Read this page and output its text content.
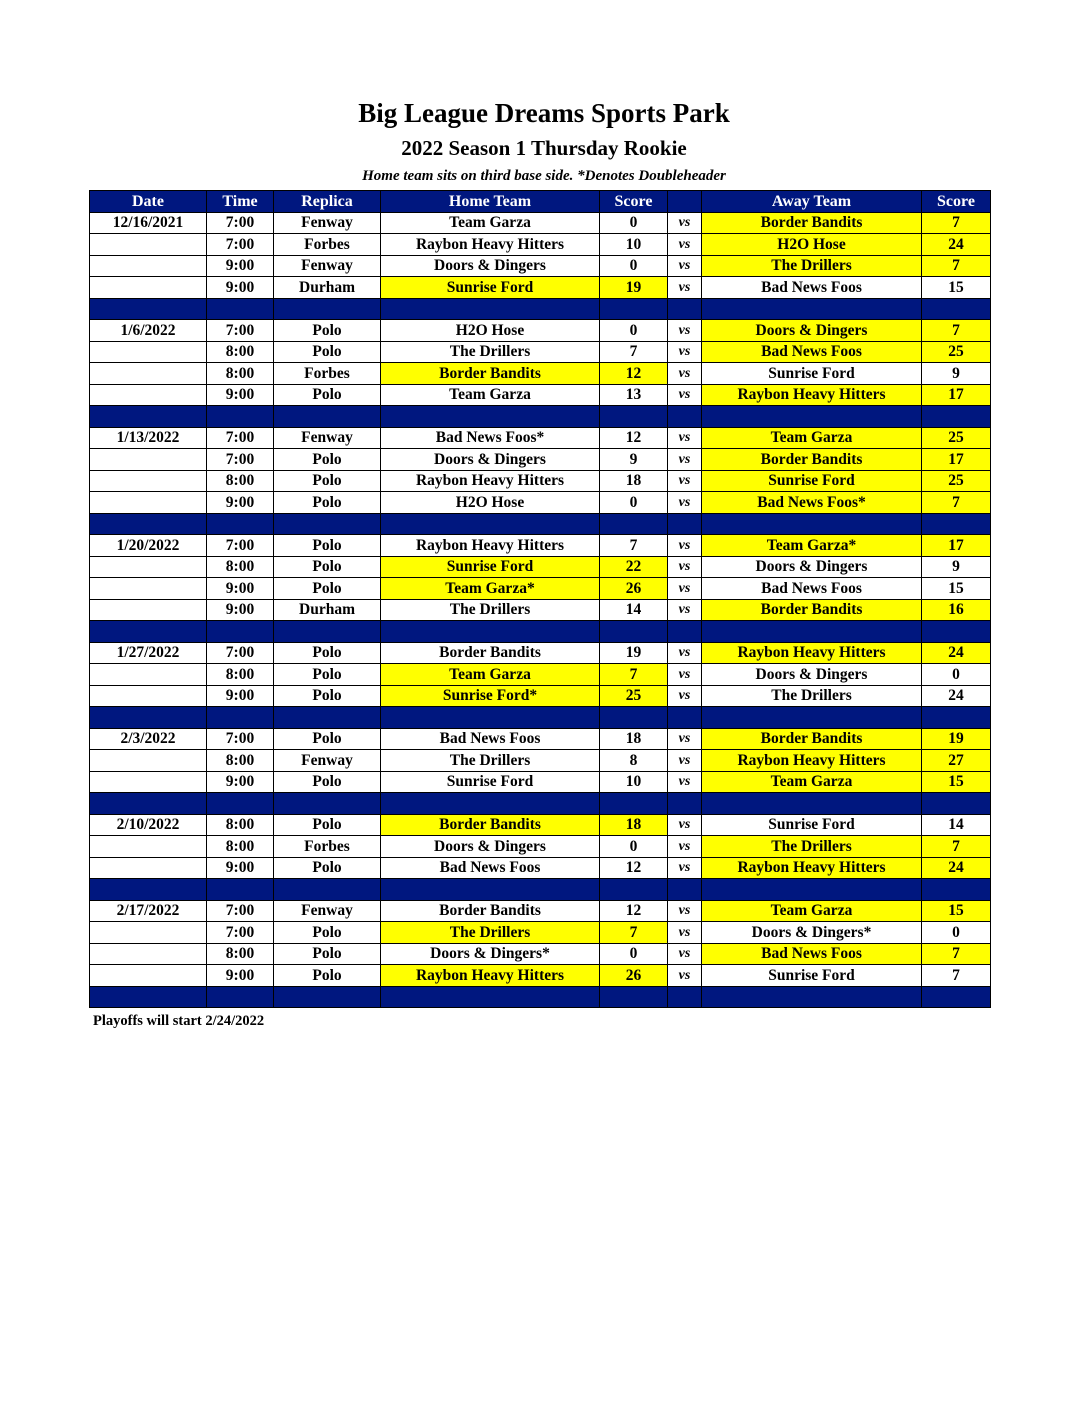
Big League Dreams Sports Park
2022 Season 1 Thursday Rookie
Home team sits on third base side. *Denotes Doubleheader
Date	Time	Replica	Home Team	Score		Away Team	Score
12/16/2021	7:00	Fenway	Team Garza	0	vs	Border Bandits	7
	7:00	Forbes	Raybon Heavy Hitters	10	vs	H2O Hose	24
	9:00	Fenway	Doors & Dingers	0	vs	The Drillers	7
	9:00	Durham	Sunrise Ford	19	vs	Bad News Foos	15

1/6/2022	7:00	Polo	H2O Hose	0	vs	Doors & Dingers	7
	8:00	Polo	The Drillers	7	vs	Bad News Foos	25
	8:00	Forbes	Border Bandits	12	vs	Sunrise Ford	9
	9:00	Polo	Team Garza	13	vs	Raybon Heavy Hitters	17

1/13/2022	7:00	Fenway	Bad News Foos*	12	vs	Team Garza	25
	7:00	Polo	Doors & Dingers	9	vs	Border Bandits	17
	8:00	Polo	Raybon Heavy Hitters	18	vs	Sunrise Ford	25
	9:00	Polo	H2O Hose	0	vs	Bad News Foos*	7

1/20/2022	7:00	Polo	Raybon Heavy Hitters	7	vs	Team Garza*	17
	8:00	Polo	Sunrise Ford	22	vs	Doors & Dingers	9
	9:00	Polo	Team Garza*	26	vs	Bad News Foos	15
	9:00	Durham	The Drillers	14	vs	Border Bandits	16

1/27/2022	7:00	Polo	Border Bandits	19	vs	Raybon Heavy Hitters	24
	8:00	Polo	Team Garza	7	vs	Doors & Dingers	0
	9:00	Polo	Sunrise Ford*	25	vs	The Drillers	24

2/3/2022	7:00	Polo	Bad News Foos	18	vs	Border Bandits	19
	8:00	Fenway	The Drillers	8	vs	Raybon Heavy Hitters	27
	9:00	Polo	Sunrise Ford	10	vs	Team Garza	15

2/10/2022	8:00	Polo	Border Bandits	18	vs	Sunrise Ford	14
	8:00	Forbes	Doors & Dingers	0	vs	The Drillers	7
	9:00	Polo	Bad News Foos	12	vs	Raybon Heavy Hitters	24

2/17/2022	7:00	Fenway	Border Bandits	12	vs	Team Garza	15
	7:00	Polo	The Drillers	7	vs	Doors & Dingers*	0
	8:00	Polo	Doors & Dingers*	0	vs	Bad News Foos	7
	9:00	Polo	Raybon Heavy Hitters	26	vs	Sunrise Ford	7

Playoffs will start 2/24/2022
